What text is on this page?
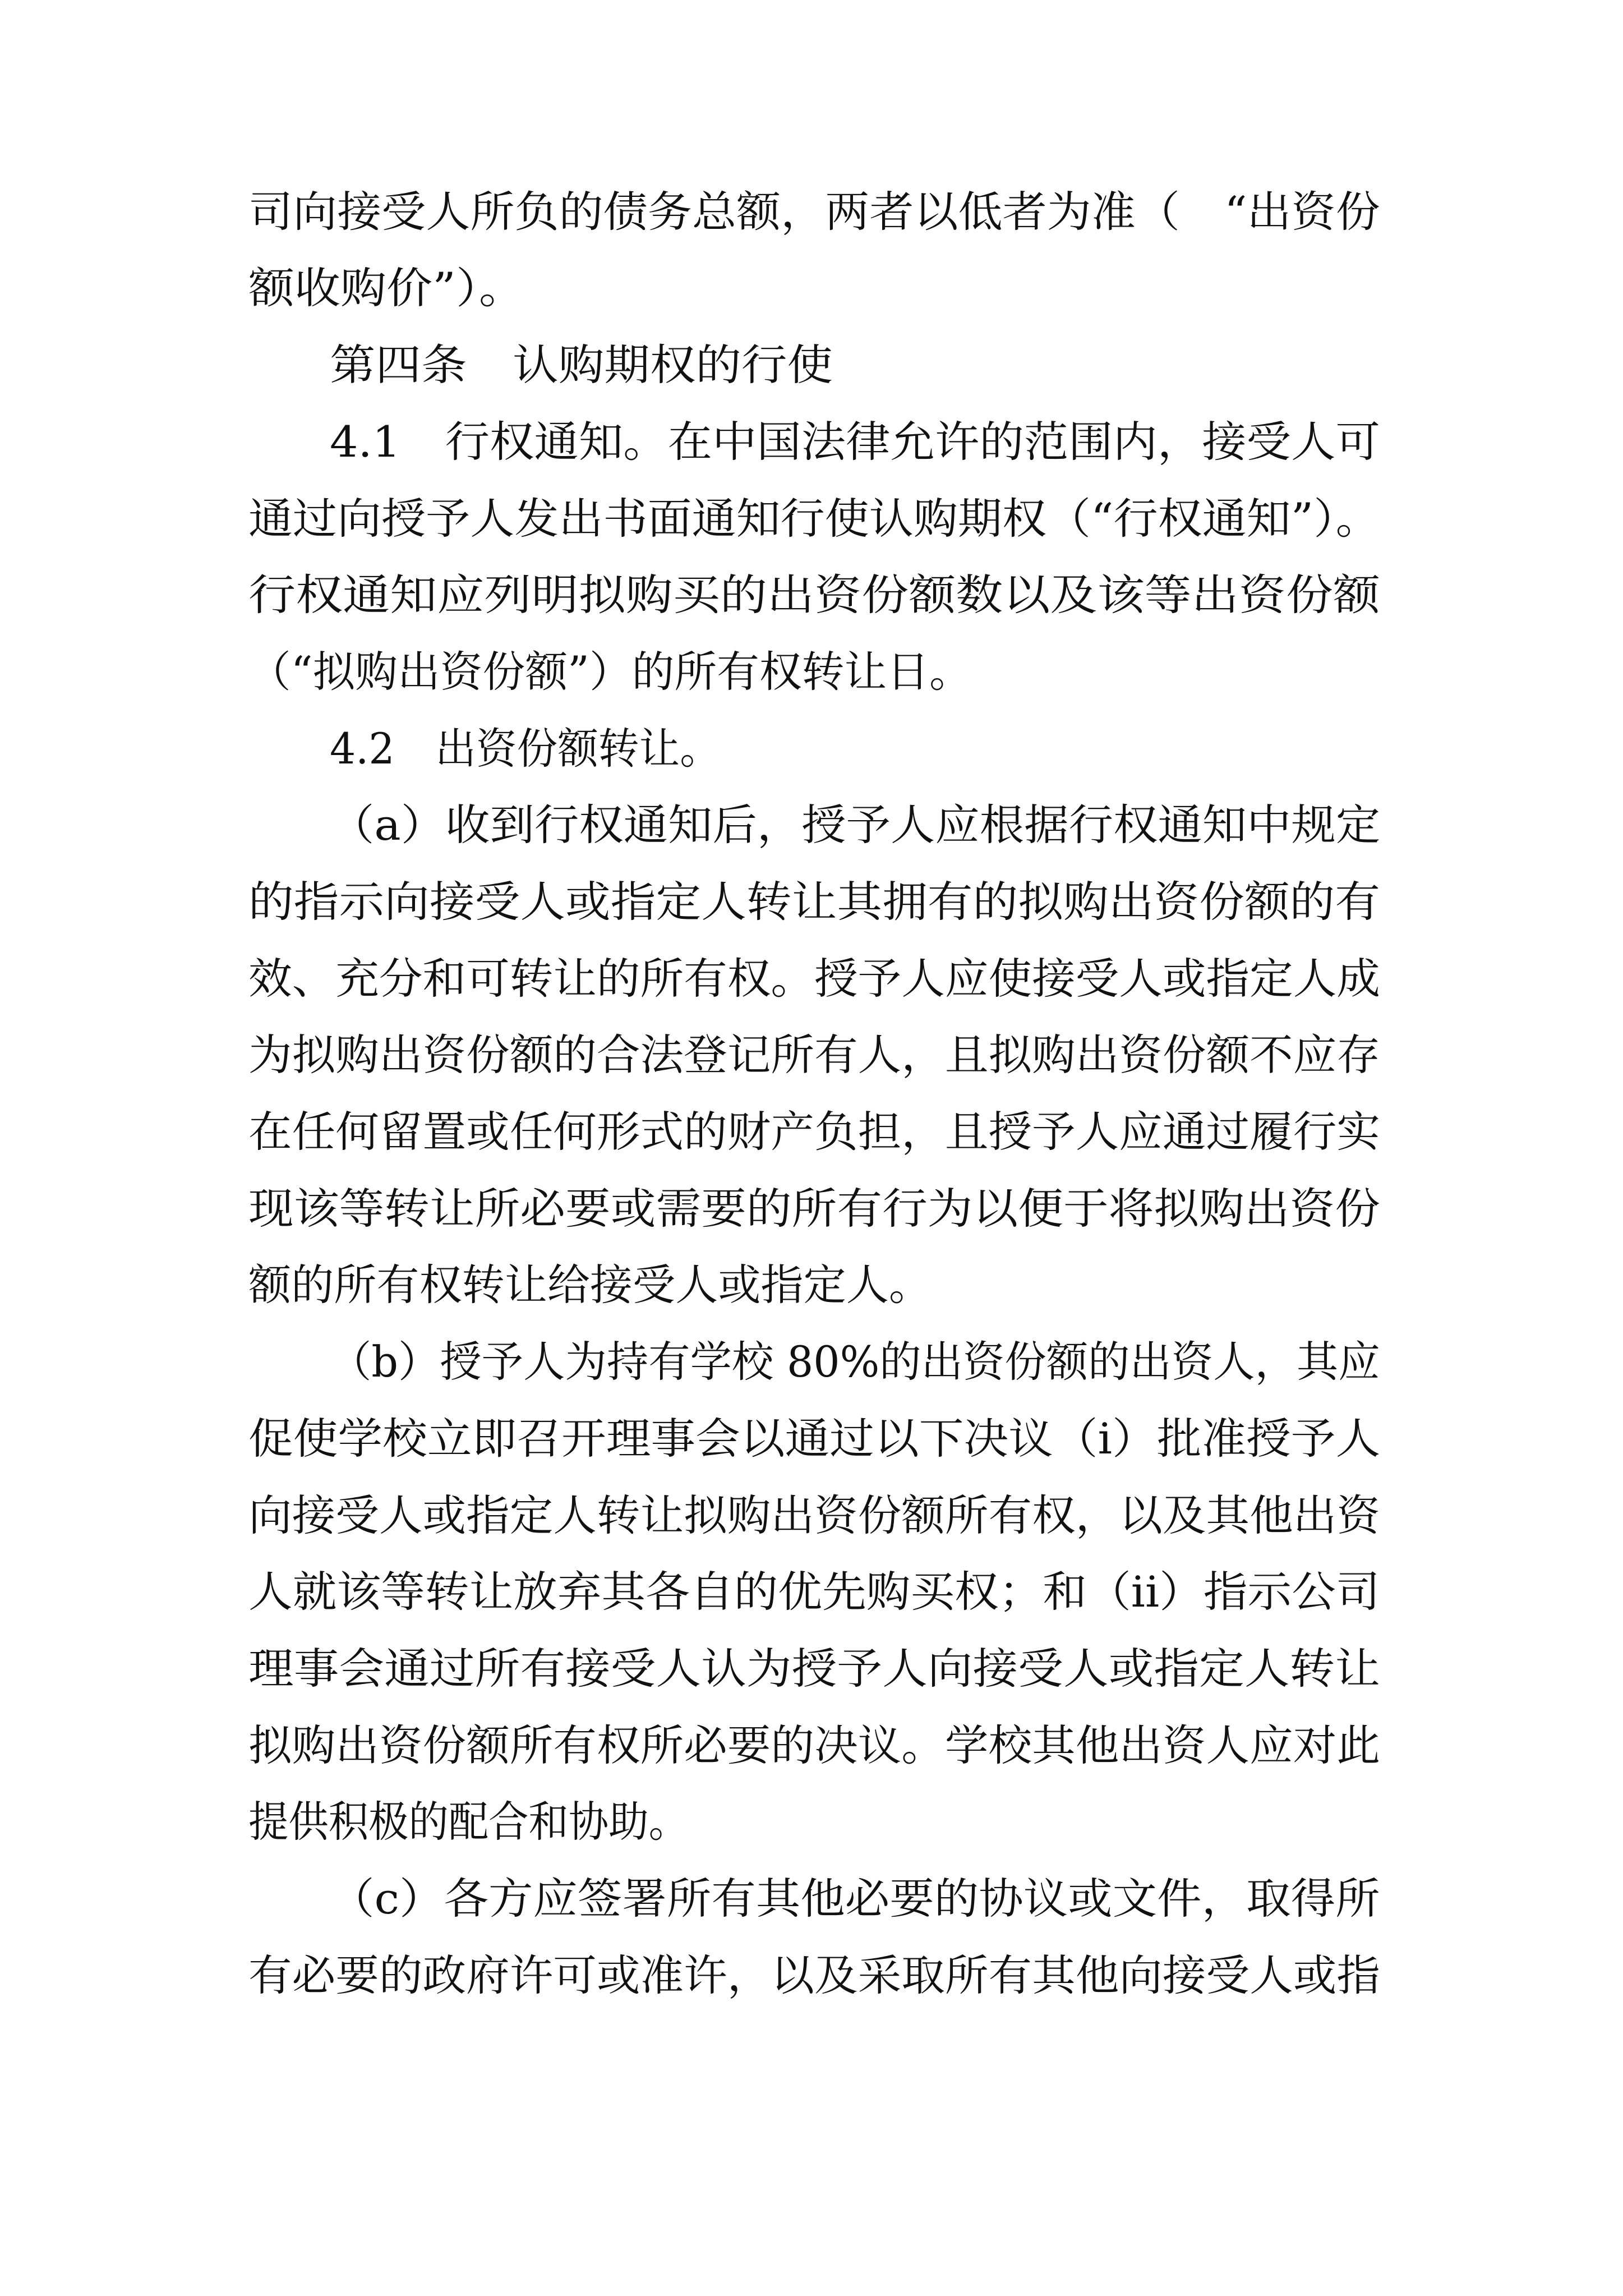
司向接受人所负的债务总额，两者以低者为准（　“出资份

额收购价”）。

第四条　认购期权的行使

4.1　行权通知。在中国法律允许的范围内，接受人可

通过向授予人发出书面通知行使认购期权（“行权通知”）。

行权通知应列明拟购买的出资份额数以及该等出资份额

（“拟购出资份额”）的所有权转让日。

4.2　出资份额转让。

（a）收到行权通知后，授予人应根据行权通知中规定

的指示向接受人或指定人转让其拥有的拟购出资份额的有

效、充分和可转让的所有权。授予人应使接受人或指定人成

为拟购出资份额的合法登记所有人，且拟购出资份额不应存

在任何留置或任何形式的财产负担，且授予人应通过履行实

现该等转让所必要或需要的所有行为以便于将拟购出资份

额的所有权转让给接受人或指定人。

（b）授予人为持有学校 80%的出资份额的出资人，其应

促使学校立即召开理事会以通过以下决议（i）批准授予人

向接受人或指定人转让拟购出资份额所有权，以及其他出资

人就该等转让放弃其各自的优先购买权；和（ii）指示公司

理事会通过所有接受人认为授予人向接受人或指定人转让

拟购出资份额所有权所必要的决议。学校其他出资人应对此

提供积极的配合和协助。

（c）各方应签署所有其他必要的协议或文件，取得所

有必要的政府许可或准许，以及采取所有其他向接受人或指
